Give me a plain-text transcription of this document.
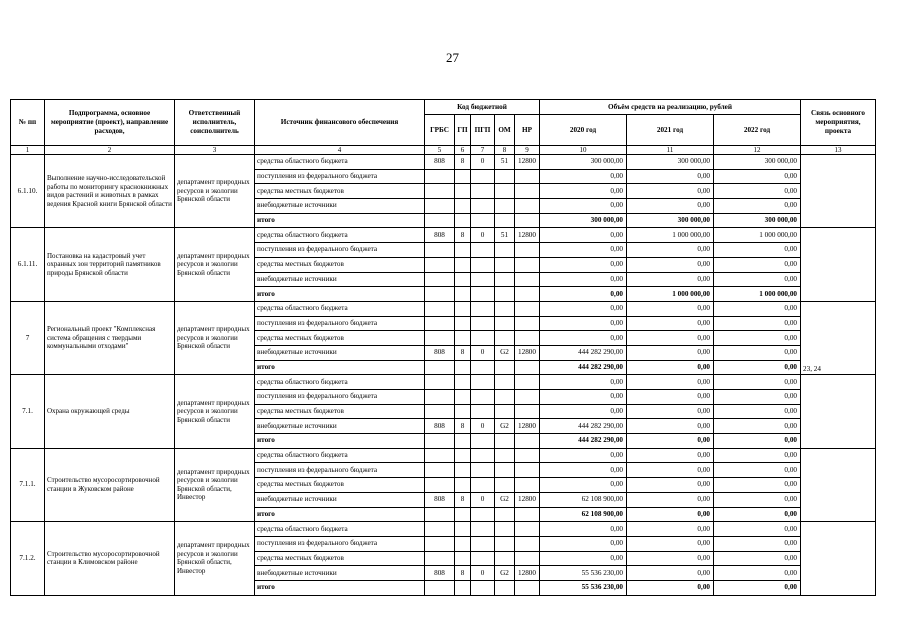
27
№ пп	Подпрограмма, основное мероприятие (проект), направление расходов,	Ответственный исполнитель, соисполнитель	Источник финансового обеспечения	Код бюджетной					Объём средств на реализацию, рублей			Связь основного мероприятия, проекта
				ГРБС	ГП	ПГП	ОМ	НР	2020 год	2021 год	2022 год	
1	2	3	4	5	6	7	8	9	10	11	12	13
6.1.10.	Выполнение научно-исследовательской работы по мониторингу краснокнижных видов растений и животных в рамках ведения Красной книги Брянской области	департамент природных ресурсов и экологии Брянской области	средства областного бюджета	808	8	0	51	12800	300 000,00	300 000,00	300 000,00	
			поступления из федерального бюджета						0,00	0,00	0,00	
			средства местных бюджетов						0,00	0,00	0,00	
			внебюджетные источники						0,00	0,00	0,00	
			итого						300 000,00	300 000,00	300 000,00	
6.1.11.	Постановка на кадастровый учет охранных зон территорий памятников природы Брянской области	департамент природных ресурсов и экологии Брянской области	средства областного бюджета	808	8	0	51	12800	0,00	1 000 000,00	1 000 000,00	
			поступления из федерального бюджета						0,00	0,00	0,00	
			средства местных бюджетов						0,00	0,00	0,00	
			внебюджетные источники						0,00	0,00	0,00	
			итого						0,00	1 000 000,00	1 000 000,00	
7	Региональный проект "Комплексная система обращения с твердыми коммунальными отходами"	департамент природных ресурсов и экологии Брянской области	средства областного бюджета						0,00	0,00	0,00	23, 24
			поступления из федерального бюджета						0,00	0,00	0,00	
			средства местных бюджетов						0,00	0,00	0,00	
			внебюджетные источники	808	8	0	G2	12800	444 282 290,00	0,00	0,00	
			итого						444 282 290,00	0,00	0,00	
7.1.	Охрана окружающей среды	департамент природных ресурсов и экологии Брянской области	средства областного бюджета						0,00	0,00	0,00	
			поступления из федерального бюджета						0,00	0,00	0,00	
			средства местных бюджетов						0,00	0,00	0,00	
			внебюджетные источники	808	8	0	G2	12800	444 282 290,00	0,00	0,00	
			итого						444 282 290,00	0,00	0,00	
7.1.1.	Строительство мусоросортировочной станции в Жуковском районе	департамент природных ресурсов и экологии Брянской области, Инвестор	средства областного бюджета						0,00	0,00	0,00	
			поступления из федерального бюджета						0,00	0,00	0,00	
			средства местных бюджетов						0,00	0,00	0,00	
			внебюджетные источники	808	8	0	G2	12800	62 108 900,00	0,00	0,00	
			итого						62 108 900,00	0,00	0,00	
7.1.2.	Строительство мусоросортировочной станции в Климовском районе	департамент природных ресурсов и экологии Брянской области, Инвестор	средства областного бюджета						0,00	0,00	0,00	
			поступления из федерального бюджета						0,00	0,00	0,00	
			средства местных бюджетов						0,00	0,00	0,00	
			внебюджетные источники	808	8	0	G2	12800	55 536 230,00	0,00	0,00	
			итого						55 536 230,00	0,00	0,00	
